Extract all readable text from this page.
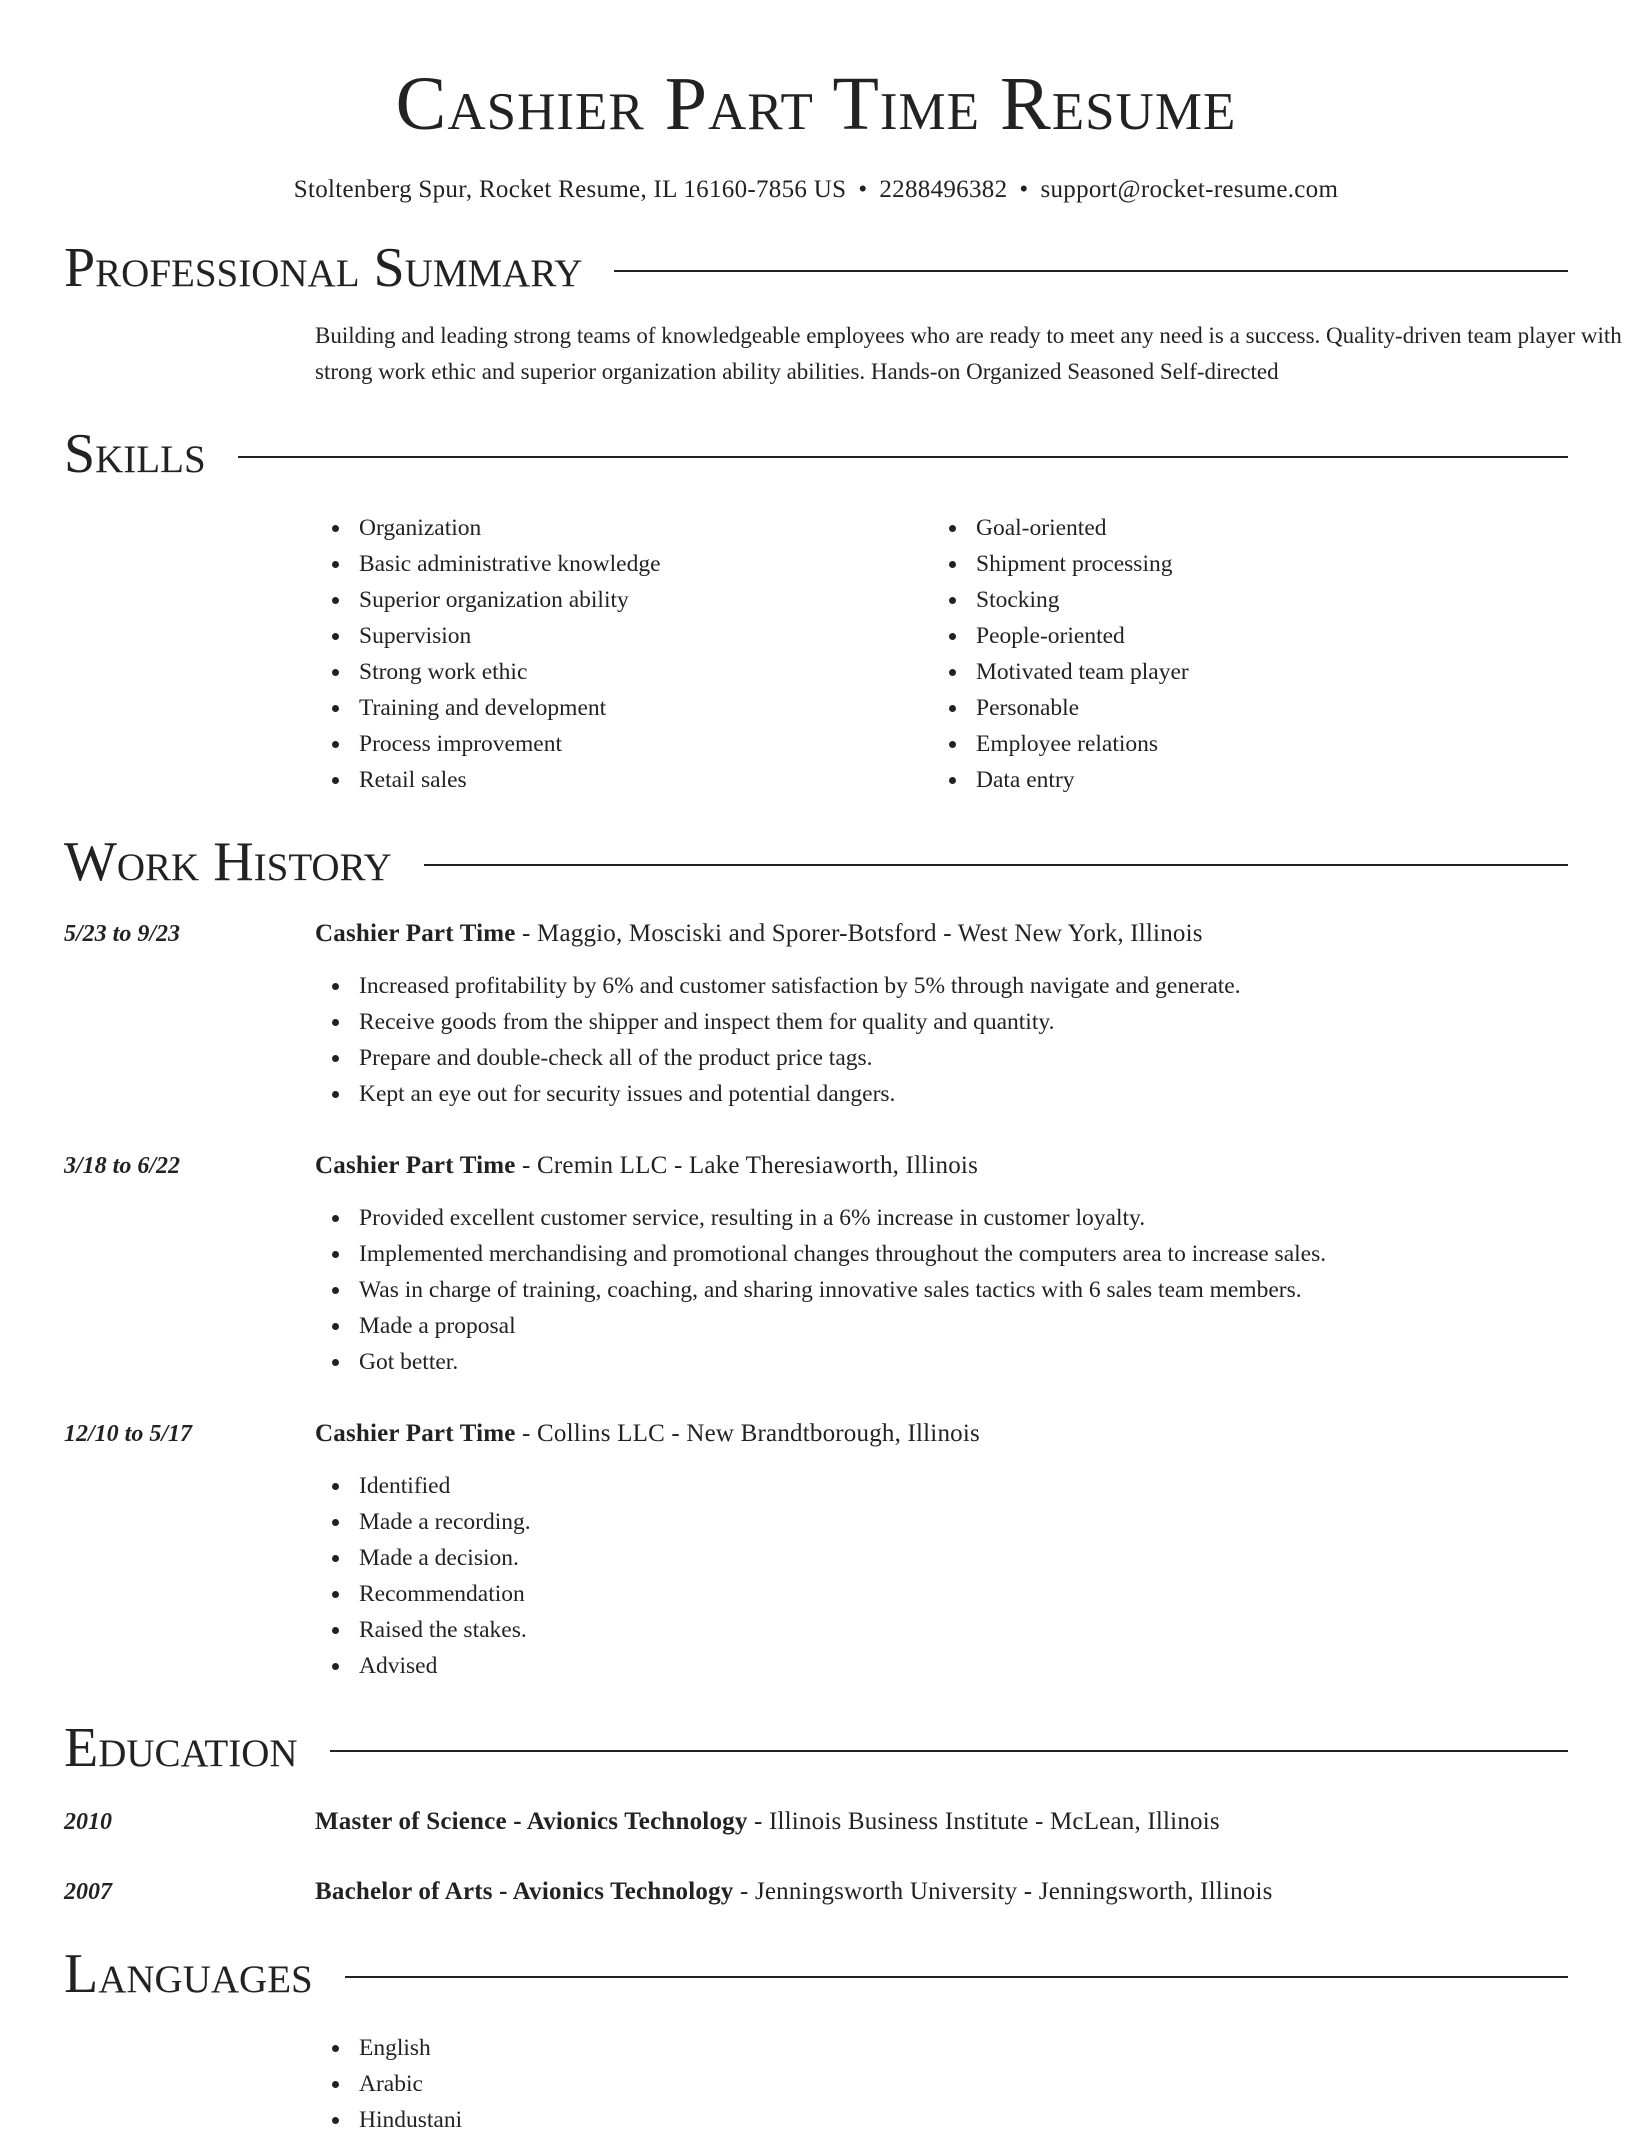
Cashier Part Time Resume
Stoltenberg Spur, Rocket Resume, IL 16160-7856 US • 2288496382 • support@rocket-resume.com
Professional Summary

Building and leading strong teams of knowledgeable employees who are ready to meet any need is a success. Quality-driven team player with strong work ethic and superior organization ability abilities. Hands-on Organized Seasoned Self-directed

Skills
Organization
Basic administrative knowledge
Superior organization ability
Supervision
Strong work ethic
Training and development
Process improvement
Retail sales
Goal-oriented
Shipment processing
Stocking
People-oriented
Motivated team player
Personable
Employee relations
Data entry
Work History
5/23 to 9/23	Cashier Part Time - Maggio, Mosciski and Sporer-Botsford - West New York, Illinois
Increased profitability by 6% and customer satisfaction by 5% through navigate and generate.
Receive goods from the shipper and inspect them for quality and quantity.
Prepare and double-check all of the product price tags.
Kept an eye out for security issues and potential dangers.
3/18 to 6/22	Cashier Part Time - Cremin LLC - Lake Theresiaworth, Illinois
Provided excellent customer service, resulting in a 6% increase in customer loyalty.
Implemented merchandising and promotional changes throughout the computers area to increase sales.
Was in charge of training, coaching, and sharing innovative sales tactics with 6 sales team members.
Made a proposal
Got better.
12/10 to 5/17	Cashier Part Time - Collins LLC - New Brandtborough, Illinois
Identified
Made a recording.
Made a decision.
Recommendation
Raised the stakes.
Advised
Education
2010	Master of Science - Avionics Technology - Illinois Business Institute - McLean, Illinois
2007	Bachelor of Arts - Avionics Technology - Jenningsworth University - Jenningsworth, Illinois
Languages
English
Arabic
Hindustani
